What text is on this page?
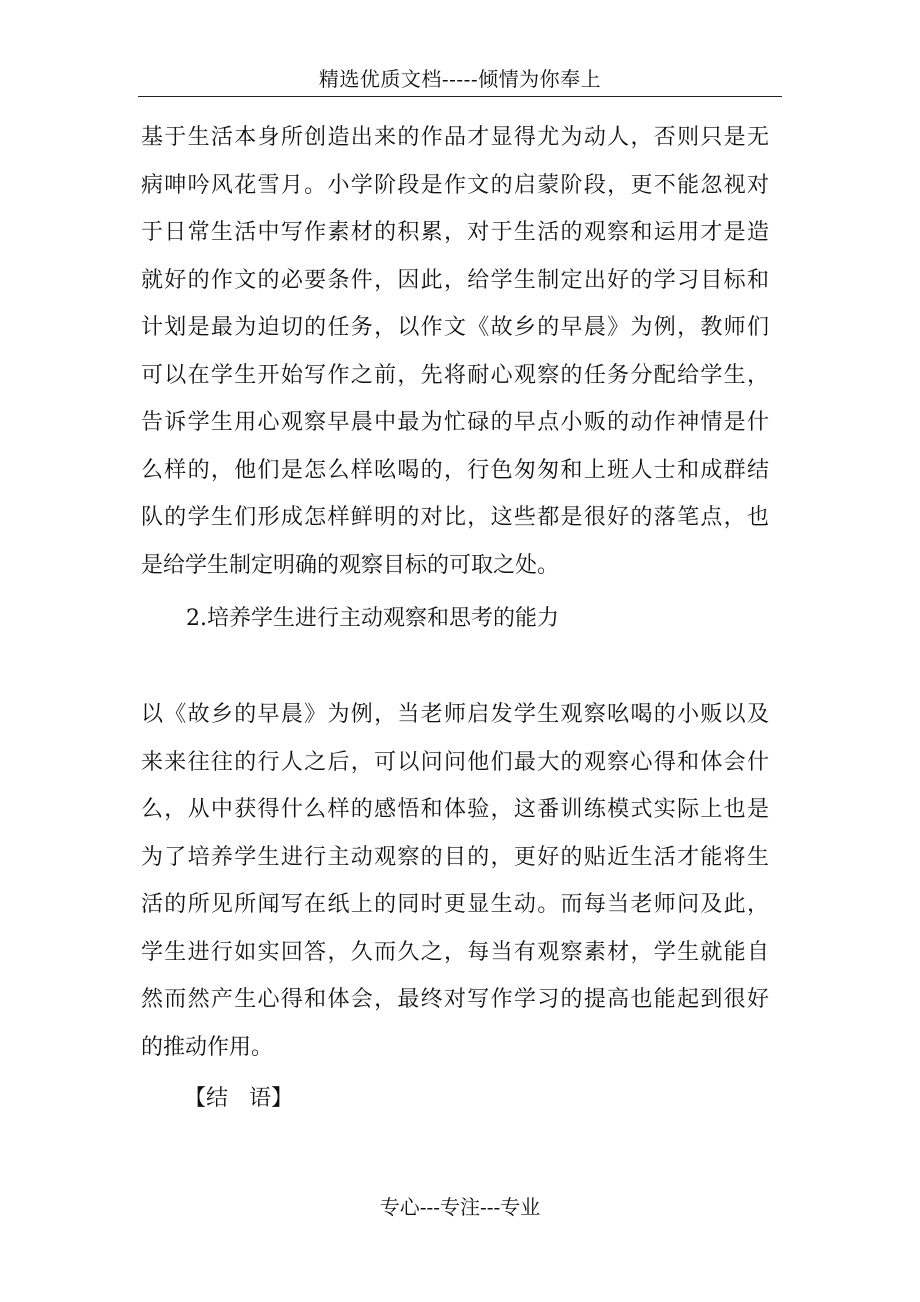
精选优质文档-----倾情为你奉上
基于生活本身所创造出来的作品才显得尤为动人，否则只是无
病呻吟风花雪月。小学阶段是作文的启蒙阶段，更不能忽视对
于日常生活中写作素材的积累，对于生活的观察和运用才是造
就好的作文的必要条件，因此，给学生制定出好的学习目标和
计划是最为迫切的任务，以作文《故乡的早晨》为例，教师们
可以在学生开始写作之前，先将耐心观察的任务分配给学生，
告诉学生用心观察早晨中最为忙碌的早点小贩的动作神情是什
么样的，他们是怎么样吆喝的，行色匆匆和上班人士和成群结
队的学生们形成怎样鲜明的对比，这些都是很好的落笔点，也
是给学生制定明确的观察目标的可取之处。
2.培养学生进行主动观察和思考的能力
以《故乡的早晨》为例，当老师启发学生观察吆喝的小贩以及
来来往往的行人之后，可以问问他们最大的观察心得和体会什
么，从中获得什么样的感悟和体验，这番训练模式实际上也是
为了培养学生进行主动观察的目的，更好的贴近生活才能将生
活的所见所闻写在纸上的同时更显生动。而每当老师问及此，
学生进行如实回答，久而久之，每当有观察素材，学生就能自
然而然产生心得和体会，最终对写作学习的提高也能起到很好
的推动作用。
【结 语】
专心---专注---专业
